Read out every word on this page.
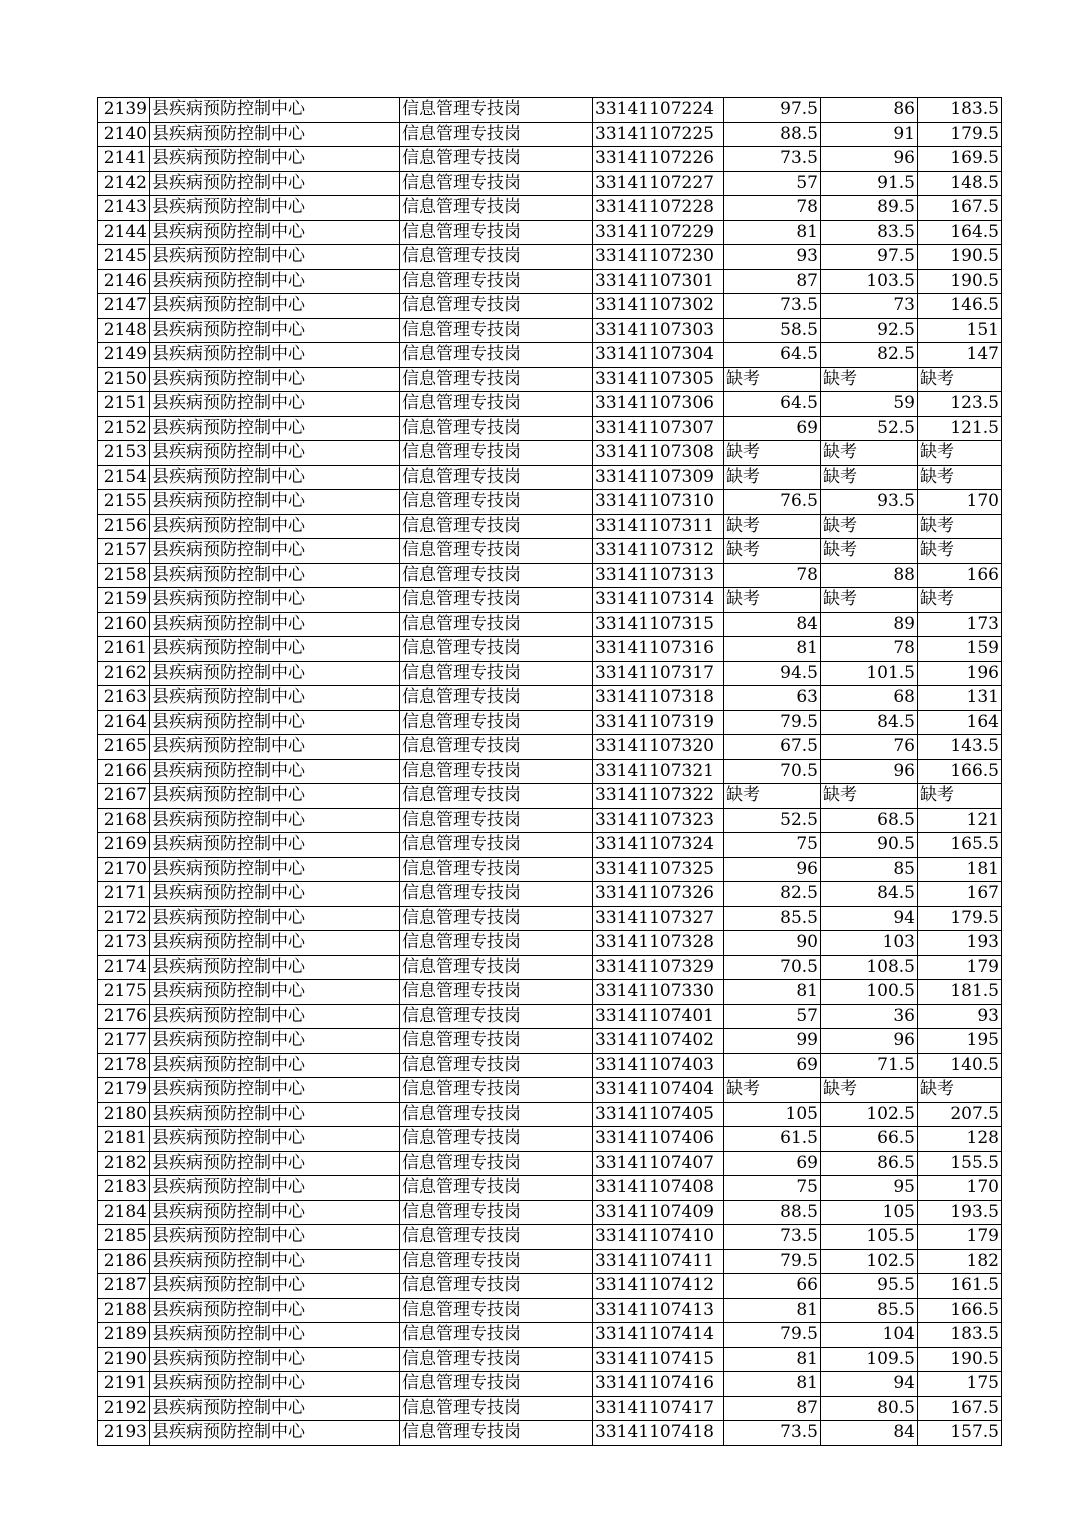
2139	县疾病预防控制中心	信息管理专技岗	33141107224	97.5	86	183.5
2140	县疾病预防控制中心	信息管理专技岗	33141107225	88.5	91	179.5
2141	县疾病预防控制中心	信息管理专技岗	33141107226	73.5	96	169.5
2142	县疾病预防控制中心	信息管理专技岗	33141107227	57	91.5	148.5
2143	县疾病预防控制中心	信息管理专技岗	33141107228	78	89.5	167.5
2144	县疾病预防控制中心	信息管理专技岗	33141107229	81	83.5	164.5
2145	县疾病预防控制中心	信息管理专技岗	33141107230	93	97.5	190.5
2146	县疾病预防控制中心	信息管理专技岗	33141107301	87	103.5	190.5
2147	县疾病预防控制中心	信息管理专技岗	33141107302	73.5	73	146.5
2148	县疾病预防控制中心	信息管理专技岗	33141107303	58.5	92.5	151
2149	县疾病预防控制中心	信息管理专技岗	33141107304	64.5	82.5	147
2150	县疾病预防控制中心	信息管理专技岗	33141107305	缺考	缺考	缺考
2151	县疾病预防控制中心	信息管理专技岗	33141107306	64.5	59	123.5
2152	县疾病预防控制中心	信息管理专技岗	33141107307	69	52.5	121.5
2153	县疾病预防控制中心	信息管理专技岗	33141107308	缺考	缺考	缺考
2154	县疾病预防控制中心	信息管理专技岗	33141107309	缺考	缺考	缺考
2155	县疾病预防控制中心	信息管理专技岗	33141107310	76.5	93.5	170
2156	县疾病预防控制中心	信息管理专技岗	33141107311	缺考	缺考	缺考
2157	县疾病预防控制中心	信息管理专技岗	33141107312	缺考	缺考	缺考
2158	县疾病预防控制中心	信息管理专技岗	33141107313	78	88	166
2159	县疾病预防控制中心	信息管理专技岗	33141107314	缺考	缺考	缺考
2160	县疾病预防控制中心	信息管理专技岗	33141107315	84	89	173
2161	县疾病预防控制中心	信息管理专技岗	33141107316	81	78	159
2162	县疾病预防控制中心	信息管理专技岗	33141107317	94.5	101.5	196
2163	县疾病预防控制中心	信息管理专技岗	33141107318	63	68	131
2164	县疾病预防控制中心	信息管理专技岗	33141107319	79.5	84.5	164
2165	县疾病预防控制中心	信息管理专技岗	33141107320	67.5	76	143.5
2166	县疾病预防控制中心	信息管理专技岗	33141107321	70.5	96	166.5
2167	县疾病预防控制中心	信息管理专技岗	33141107322	缺考	缺考	缺考
2168	县疾病预防控制中心	信息管理专技岗	33141107323	52.5	68.5	121
2169	县疾病预防控制中心	信息管理专技岗	33141107324	75	90.5	165.5
2170	县疾病预防控制中心	信息管理专技岗	33141107325	96	85	181
2171	县疾病预防控制中心	信息管理专技岗	33141107326	82.5	84.5	167
2172	县疾病预防控制中心	信息管理专技岗	33141107327	85.5	94	179.5
2173	县疾病预防控制中心	信息管理专技岗	33141107328	90	103	193
2174	县疾病预防控制中心	信息管理专技岗	33141107329	70.5	108.5	179
2175	县疾病预防控制中心	信息管理专技岗	33141107330	81	100.5	181.5
2176	县疾病预防控制中心	信息管理专技岗	33141107401	57	36	93
2177	县疾病预防控制中心	信息管理专技岗	33141107402	99	96	195
2178	县疾病预防控制中心	信息管理专技岗	33141107403	69	71.5	140.5
2179	县疾病预防控制中心	信息管理专技岗	33141107404	缺考	缺考	缺考
2180	县疾病预防控制中心	信息管理专技岗	33141107405	105	102.5	207.5
2181	县疾病预防控制中心	信息管理专技岗	33141107406	61.5	66.5	128
2182	县疾病预防控制中心	信息管理专技岗	33141107407	69	86.5	155.5
2183	县疾病预防控制中心	信息管理专技岗	33141107408	75	95	170
2184	县疾病预防控制中心	信息管理专技岗	33141107409	88.5	105	193.5
2185	县疾病预防控制中心	信息管理专技岗	33141107410	73.5	105.5	179
2186	县疾病预防控制中心	信息管理专技岗	33141107411	79.5	102.5	182
2187	县疾病预防控制中心	信息管理专技岗	33141107412	66	95.5	161.5
2188	县疾病预防控制中心	信息管理专技岗	33141107413	81	85.5	166.5
2189	县疾病预防控制中心	信息管理专技岗	33141107414	79.5	104	183.5
2190	县疾病预防控制中心	信息管理专技岗	33141107415	81	109.5	190.5
2191	县疾病预防控制中心	信息管理专技岗	33141107416	81	94	175
2192	县疾病预防控制中心	信息管理专技岗	33141107417	87	80.5	167.5
2193	县疾病预防控制中心	信息管理专技岗	33141107418	73.5	84	157.5
